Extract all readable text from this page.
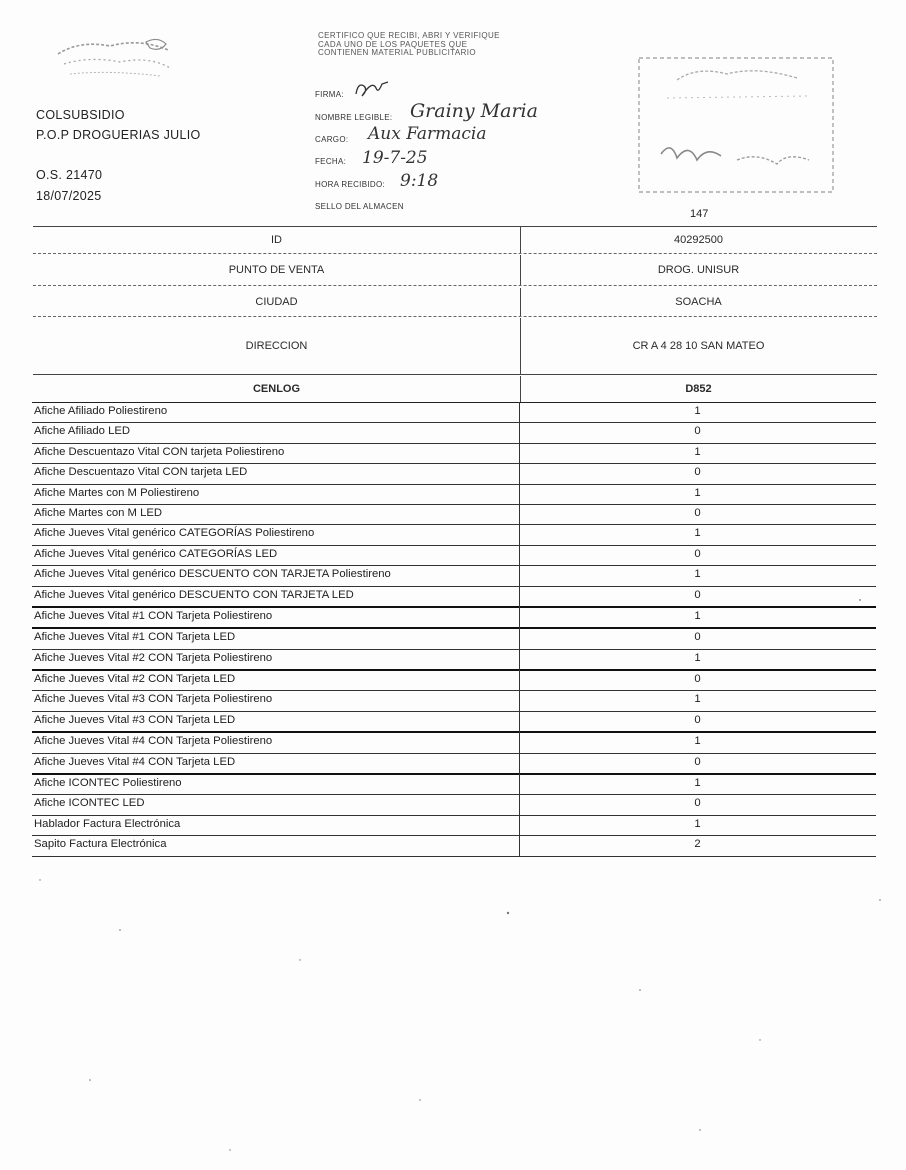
COLSUBSIDIO
P.O.P DROGUERIAS JULIO
O.S. 21470
18/07/2025
CERTIFICO QUE RECIBI, ABRI Y VERIFIQUE CADA UNO DE LOS PAQUETES QUE CONTIENEN MATERIAL PUBLICITARIO
FIRMA:
NOMBRE LEGIBLE: Grainy Maria
CARGO: Aux Farmacia
FECHA: 19-7-25
HORA RECIBIDO: 9:18
SELLO DEL ALMACEN
147
ID	40292500
PUNTO DE VENTA	DROG. UNISUR
CIUDAD	SOACHA
DIRECCION	CR A 4 28 10 SAN MATEO
CENLOG	D852
Afiche Afiliado Poliestireno	1
Afiche Afiliado LED	0
Afiche Descuentazo Vital CON tarjeta Poliestireno	1
Afiche Descuentazo Vital CON tarjeta LED	0
Afiche Martes con M Poliestireno	1
Afiche Martes con M LED	0
Afiche Jueves Vital genérico CATEGORÍAS Poliestireno	1
Afiche Jueves Vital genérico CATEGORÍAS LED	0
Afiche Jueves Vital genérico DESCUENTO CON TARJETA Poliestireno	1
Afiche Jueves Vital genérico DESCUENTO CON TARJETA LED	0
Afiche Jueves Vital #1 CON Tarjeta Poliestireno	1
Afiche Jueves Vital #1 CON Tarjeta LED	0
Afiche Jueves Vital #2 CON Tarjeta Poliestireno	1
Afiche Jueves Vital #2 CON Tarjeta LED	0
Afiche Jueves Vital #3 CON Tarjeta Poliestireno	1
Afiche Jueves Vital #3 CON Tarjeta LED	0
Afiche Jueves Vital #4 CON Tarjeta Poliestireno	1
Afiche Jueves Vital #4 CON Tarjeta LED	0
Afiche ICONTEC Poliestireno	1
Afiche ICONTEC LED	0
Hablador Factura Electrónica	1
Sapito Factura Electrónica	2
